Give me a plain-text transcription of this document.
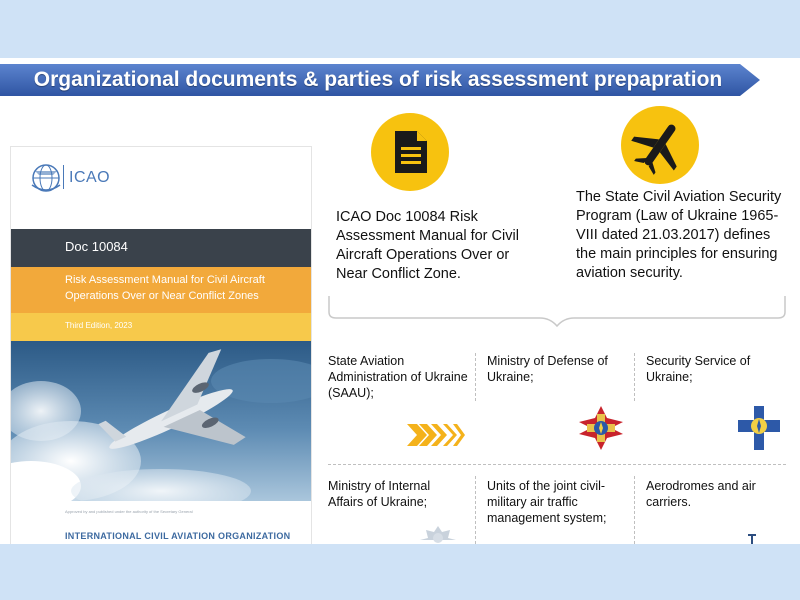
Organizational documents & parties of risk assessment prepapration
ICAO
Doc 10084
Risk Assessment Manual for Civil Aircraft Operations Over or Near Conflict Zones
Third Edition, 2023
Approved by and published under the authority of the Secretary General
INTERNATIONAL CIVIL AVIATION ORGANIZATION
ICAO Doc 10084 Risk Assessment Manual for Civil Aircraft Operations Over or Near Conflict Zone.
The State Civil Aviation Security Program (Law of Ukraine 1965-VIII dated 21.03.2017) defines the main principles for ensuring aviation security.
State Aviation Administration of Ukraine (SAAU);
Ministry of Defense of Ukraine;
Security Service of Ukraine;
Ministry of Internal Affairs of Ukraine;
Units of the joint civil-military air traffic management system;
Aerodromes and air carriers.
